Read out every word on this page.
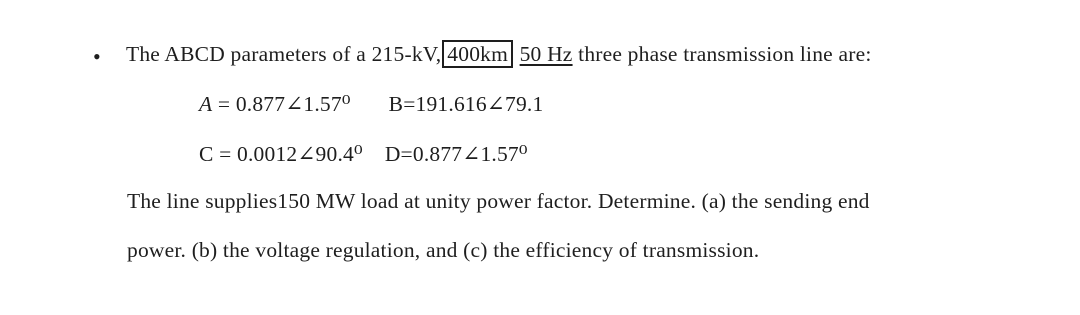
• The ABCD parameters of a 215-kV, 400km 50 Hz three phase transmission line are:
A = 0.877∠1.57⁰ B=191.616∠79.1
C = 0.0012∠90.4⁰ D=0.877∠1.57⁰
The line supplies150 MW load at unity power factor. Determine. (a) the sending end
power. (b) the voltage regulation, and (c) the efficiency of transmission.
